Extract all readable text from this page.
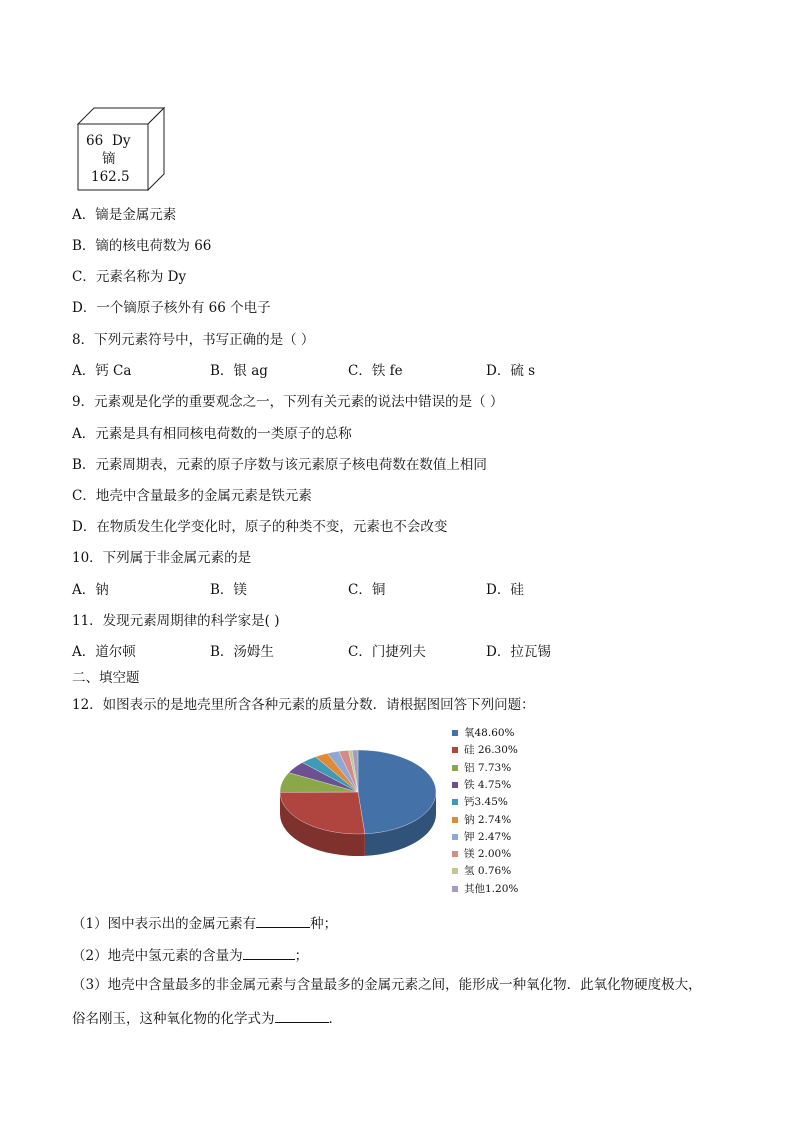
66 Dy
镝
162.5
A．镝是金属元素
B．镝的核电荷数为 66
C．元素名称为 Dy
D．一个镝原子核外有 66 个电子
8．下列元素符号中，书写正确的是（ ）
A．钙 Ca	B．银 ag	C．铁 fe	D．硫 s
9．元素观是化学的重要观念之一，下列有关元素的说法中错误的是（ ）
A．元素是具有相同核电荷数的一类原子的总称
B．元素周期表，元素的原子序数与该元素原子核电荷数在数值上相同
C．地壳中含量最多的金属元素是铁元素
D．在物质发生化学变化时，原子的种类不变，元素也不会改变
10．下列属于非金属元素的是
A．钠	B．镁	C．铜	D．硅
11．发现元素周期律的科学家是( )
A．道尔顿	B．汤姆生	C．门捷列夫	D．拉瓦锡
二、填空题
12．如图表示的是地壳里所含各种元素的质量分数．请根据图回答下列问题：
氧48.60%
硅 26.30%
铝 7.73%
铁 4.75%
钙3.45%
钠 2.74%
钾 2.47%
镁 2.00%
氢 0.76%
其他1.20%
（1）图中表示出的金属元素有	种；
（2）地壳中氢元素的含量为	；
（3）地壳中含量最多的非金属元素与含量最多的金属元素之间，能形成一种氧化物．此氧化物硬度极大，
俗名刚玉，这种氧化物的化学式为	．
